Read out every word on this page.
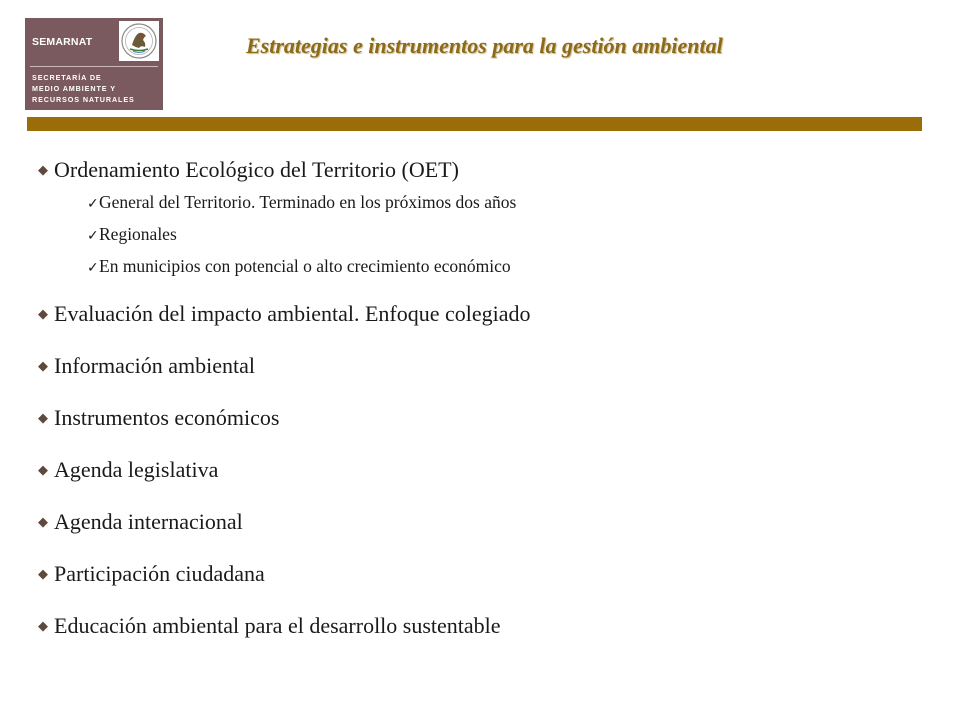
SEMARNAT
SECRETARÍA DE
MEDIO AMBIENTE Y
RECURSOS NATURALES
Estrategias e instrumentos para la gestión ambiental
◆ Ordenamiento Ecológico del Territorio (OET)
✓General del Territorio. Terminado en los próximos dos años
✓Regionales
✓En municipios con potencial o alto crecimiento económico
◆ Evaluación del impacto ambiental. Enfoque colegiado
◆ Información ambiental
◆ Instrumentos económicos
◆ Agenda legislativa
◆ Agenda internacional
◆ Participación ciudadana
◆ Educación ambiental para el desarrollo sustentable
